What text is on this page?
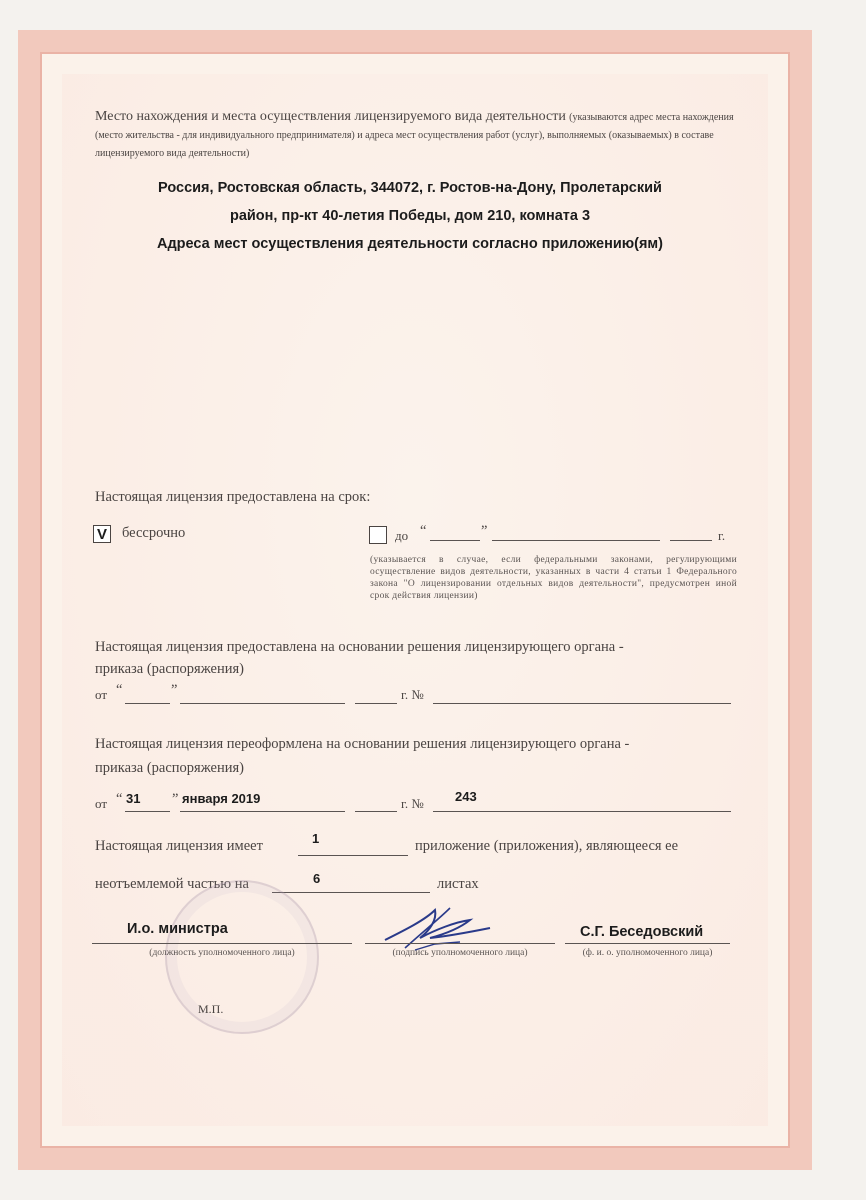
Место нахождения и места осуществления лицензируемого вида деятельности (указываются адрес места нахождения (место жительства - для индивидуального предпринимателя) и адреса мест осуществления работ (услуг), выполняемых (оказываемых) в составе лицензируемого вида деятельности)
Россия, Ростовская область, 344072, г. Ростов-на-Дону, Пролетарский
район, пр-кт 40-летия Победы, дом 210, комната 3
Адреса мест осуществления деятельности согласно приложению(ям)
Настоящая лицензия предоставлена на срок:
V бессрочно	до “	”	г.
(указывается в случае, если федеральными законами, регулирующими осуществление видов деятельности, указанных в части 4 статьи 1 Федерального закона "О лицензировании отдельных видов деятельности", предусмотрен иной срок действия лицензии)
Настоящая лицензия предоставлена на основании решения лицензирующего органа -
приказа (распоряжения)
от “	”	г. №
Настоящая лицензия переоформлена на основании решения лицензирующего органа -
приказа (распоряжения)
от “ 31 ” января 2019	г. № 243
Настоящая лицензия имеет	1	приложение (приложения), являющееся ее
неотъемлемой частью на	6	листах
И.о. министра
(должность уполномоченного лица)	(подпись уполномоченного лица)
С.Г. Беседовский
(ф. и. о. уполномоченного лица)
М.П.
